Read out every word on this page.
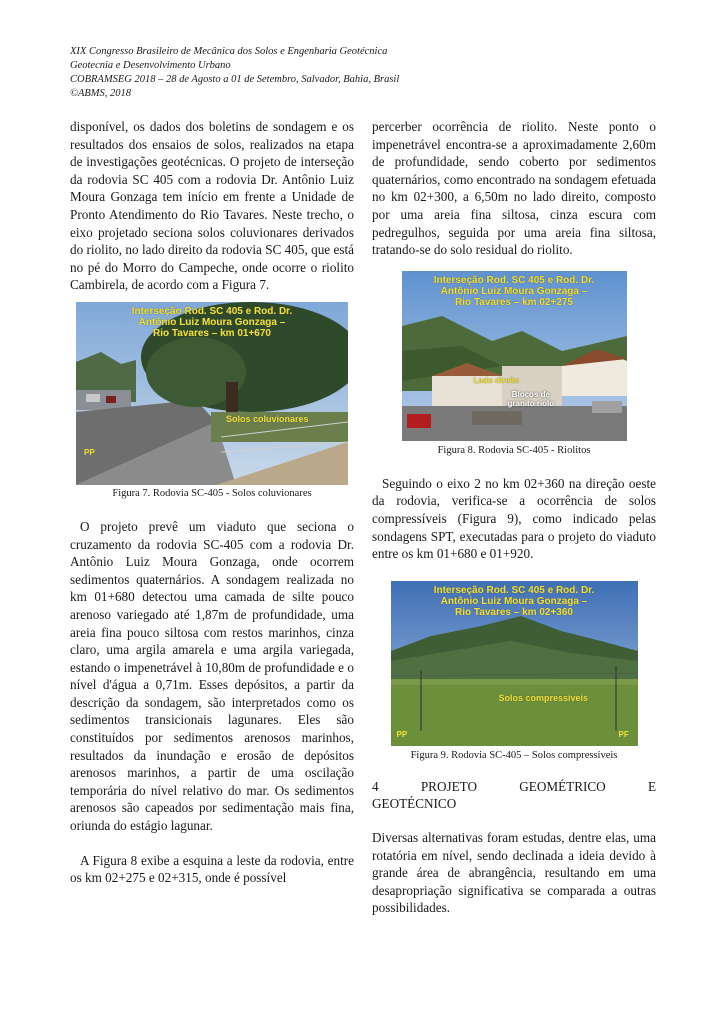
XIX Congresso Brasileiro de Mecânica dos Solos e Engenharia Geotécnica
Geotecnia e Desenvolvimento Urbano
COBRAMSEG 2018 – 28 de Agosto a 01 de Setembro, Salvador, Bahia, Brasil
©ABMS, 2018

disponível, os dados dos boletins de sondagem e os resultados dos ensaios de solos, realizados na etapa de investigações geotécnicas. O projeto de interseção da rodovia SC 405 com a rodovia Dr. Antônio Luiz Moura Gonzaga tem início em frente a Unidade de Pronto Atendimento do Rio Tavares. Neste trecho, o eixo projetado seciona solos coluvionares derivados do riolito, no lado direito da rodovia SC 405, que está no pé do Morro do Campeche, onde ocorre o riolito Cambirela, de acordo com a Figura 7.

Interseção Rod. SC 405 e Rod. Dr.
Antônio Luiz Moura Gonzaga –
Rio Tavares – km 01+670
Solos coluvionares
PP
Figura 7. Rodovia SC-405 - Solos coluvionares

O projeto prevê um viaduto que seciona o cruzamento da rodovia SC-405 com a rodovia Dr. Antônio Luiz Moura Gonzaga, onde ocorrem sedimentos quaternários. A sondagem realizada no km 01+680 detectou uma camada de silte pouco arenoso variegado até 1,87m de profundidade, uma areia fina pouco siltosa com restos marinhos, cinza claro, uma argila amarela e uma argila variegada, estando o impenetrável à 10,80m de profundidade e o nível d'água a 0,71m. Esses depósitos, a partir da descrição da sondagem, são interpretados como os sedimentos transicionais lagunares. Eles são constituídos por sedimentos arenosos marinhos, resultados da inundação e erosão de depósitos arenosos marinhos, a partir de uma oscilação temporária do nível relativo do mar. Os sedimentos arenosos são capeados por sedimentação mais fina, oriunda do estágio lagunar.

A Figura 8 exibe a esquina a leste da rodovia, entre os km 02+275 e 02+315, onde é possível

percerber ocorrência de riolito. Neste ponto o impenetrável encontra-se a aproximadamente 2,60m de profundidade, sendo coberto por sedimentos quaternários, como encontrado na sondagem efetuada no km 02+300, a 6,50m no lado direito, composto por uma areia fina siltosa, cinza escura com pedregulhos, seguida por uma areia fina siltosa, tratando-se do solo residual do riolito.

Interseção Rod. SC 405 e Rod. Dr.
Antônio Luiz Moura Gonzaga –
Rio Tavares – km 02+275
Lado direito
Blocos de
granito riolo
Figura 8. Rodovia SC-405 - Riolitos

Seguindo o eixo 2 no km 02+360 na direção oeste da rodovia, verifica-se a ocorrência de solos compressíveis (Figura 9), como indicado pelas sondagens SPT, executadas para o projeto do viaduto entre os km 01+680 e 01+920.

Interseção Rod. SC 405 e Rod. Dr.
Antônio Luiz Moura Gonzaga –
Rio Tavares – km 02+360
Solos compressíveis
PP	PF
Figura 9. Rodovia SC-405 – Solos compressíveis
4	PROJETO	GEOMÉTRICO	E

GEOTÉCNICO

Diversas alternativas foram estudas, dentre elas, uma rotatória em nível, sendo declinada a ideia devido à grande área de abrangência, resultando em uma desapropriação significativa se comparada a outras possibilidades.
